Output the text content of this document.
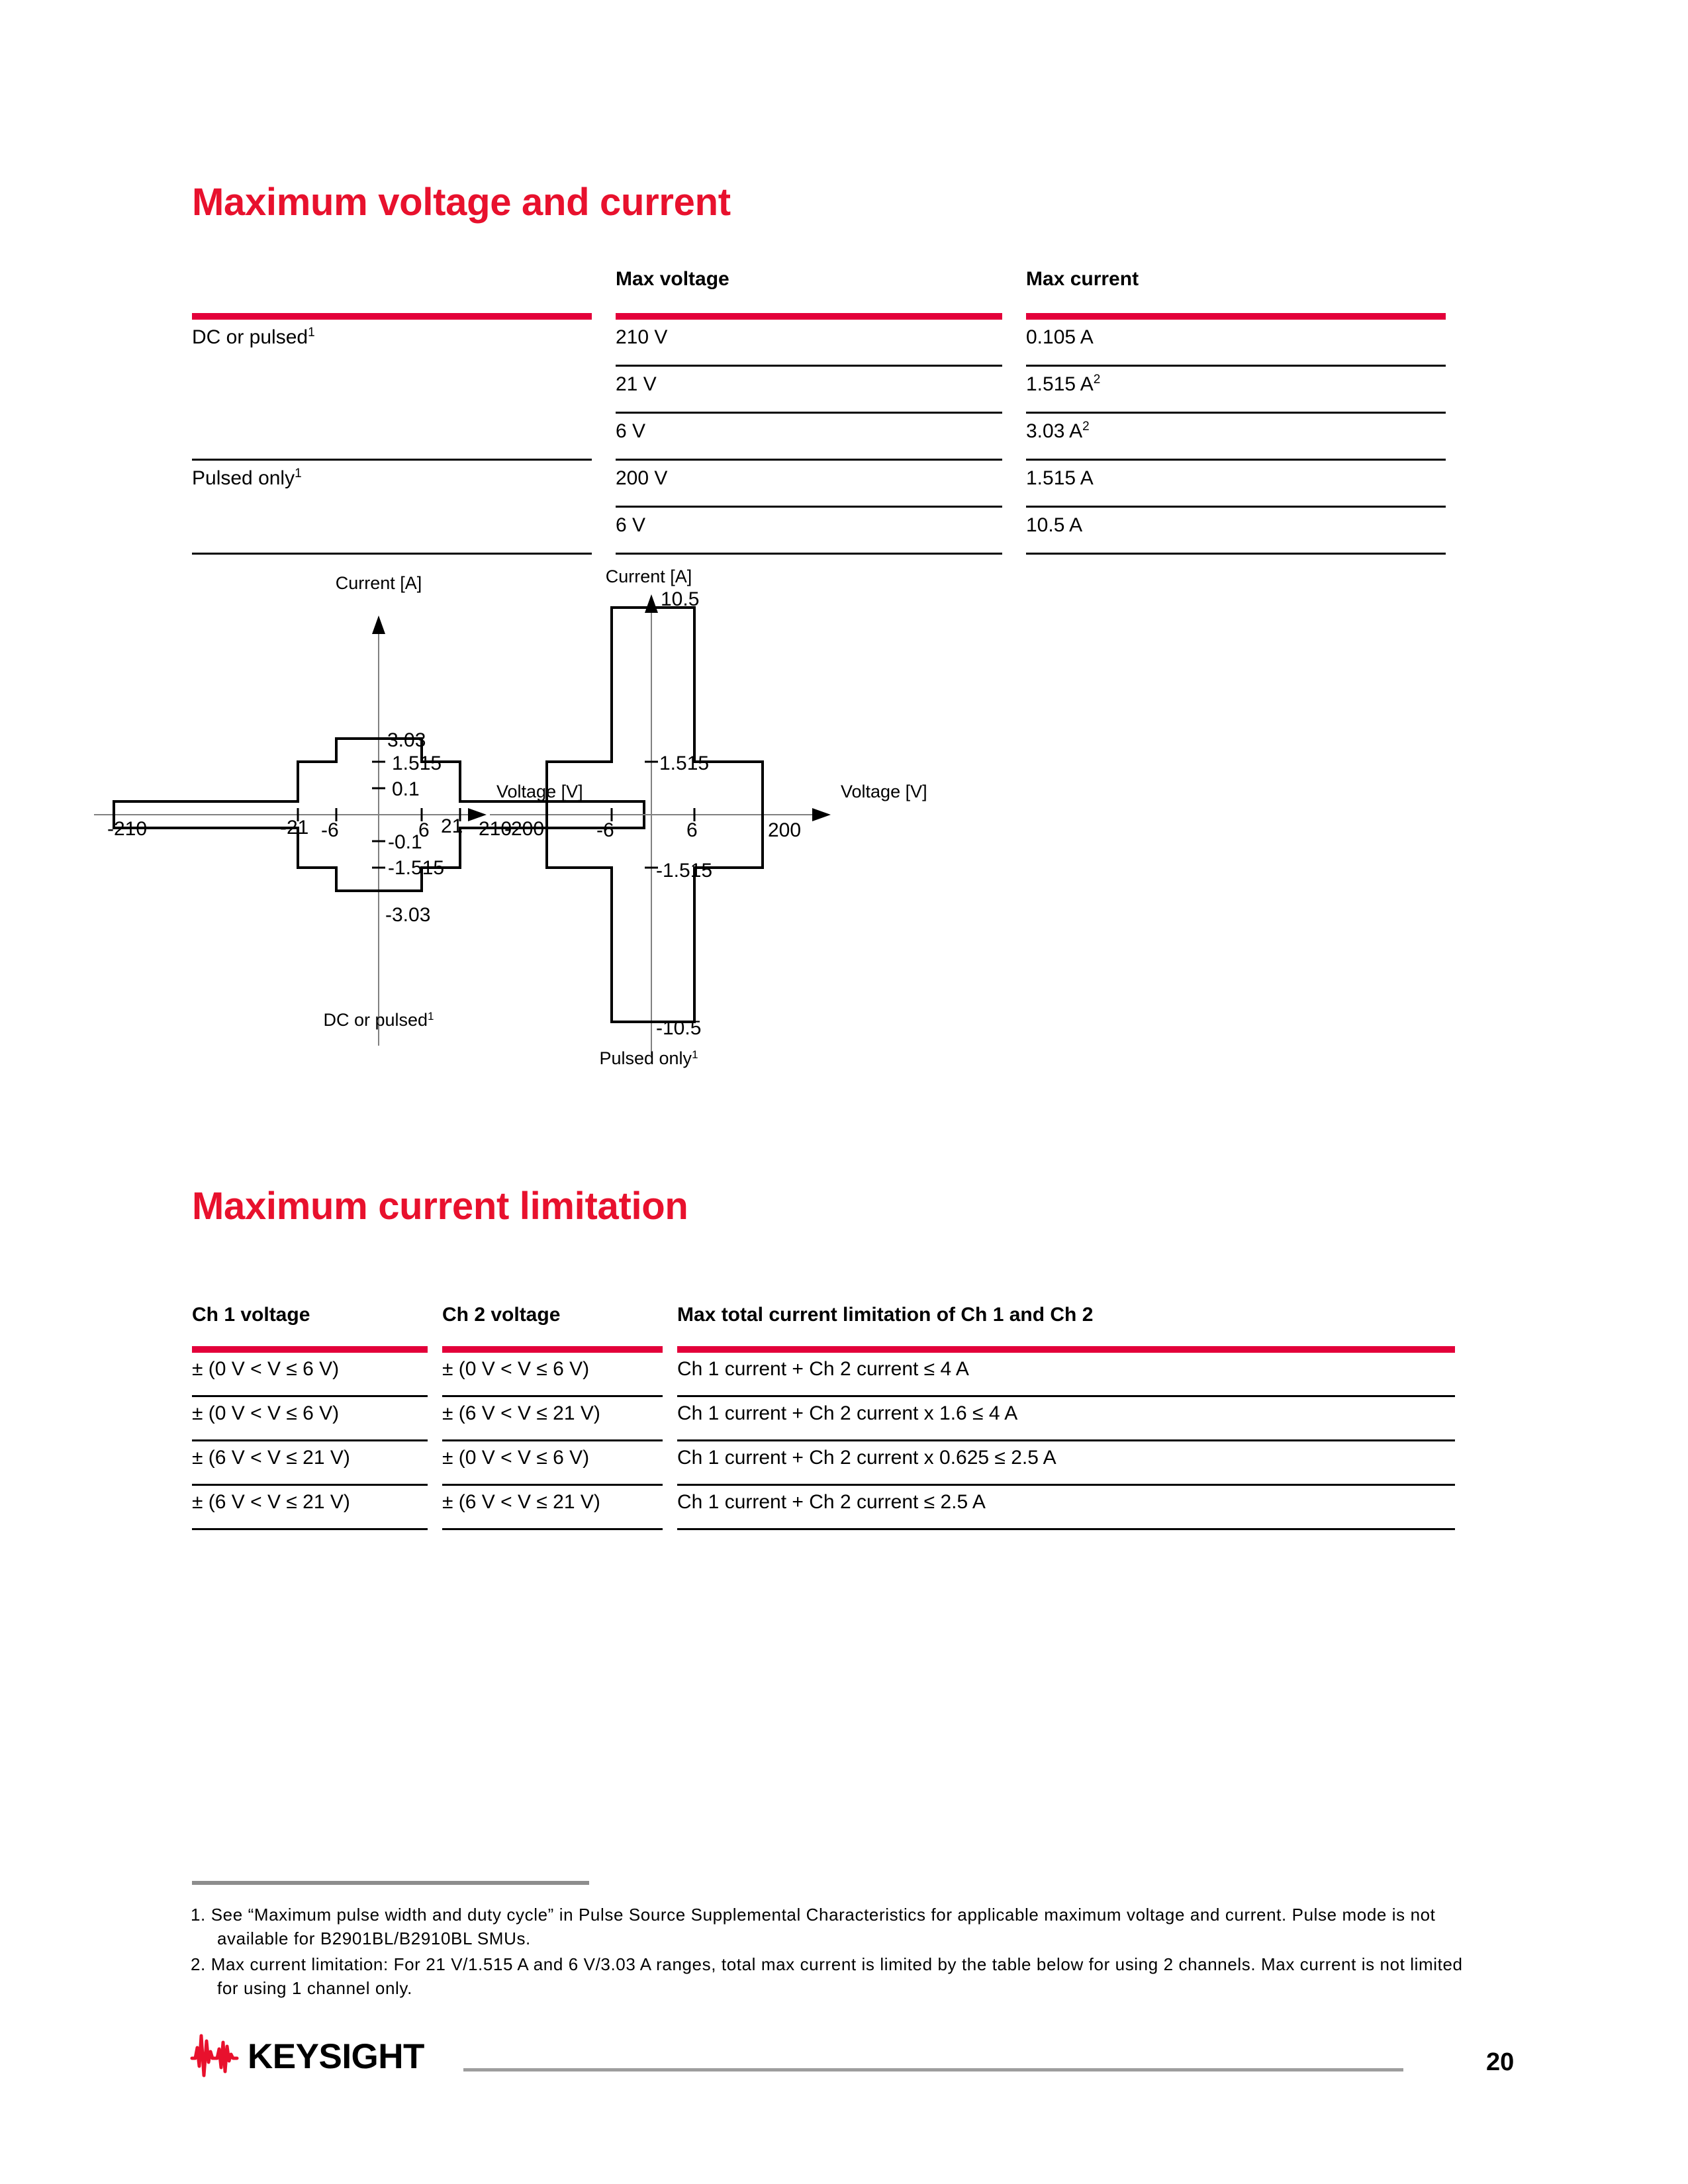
Maximum voltage and current
	Max voltage	Max current

DC or pulsed$^1$	210 V	0.105 A

	21 V	1.515 $A^2$

	6 V	3.03 $A^2$

Pulsed only$^1$	200 V	1.515 A

	6 V	10.5 A

Current [A]
Voltage [V]
3.03
1.515
0.1
-0.1
-1.515
-3.03
-210	-21 -6	6 21 210
DC or pulsed$^1$
Current [A]
Voltage [V]
10.5
1.515
-1.515
-10.5
-200	-6	6	200
Pulsed only$^1$
Maximum current limitation
Ch 1 voltage	Ch 2 voltage	Max total current limitation of Ch 1 and Ch 2

± (0 V < V ≤ 6 V)	± (0 V < V ≤ 6 V)	Ch 1 current + Ch 2 current ≤ 4 A

± (0 V < V ≤ 6 V)	± (6 V < V ≤ 21 V)	Ch 1 current + Ch 2 current x 1.6 ≤ 4 A

± (6 V < V ≤ 21 V)	± (0 V < V ≤ 6 V)	Ch 1 current + Ch 2 current x 0.625 ≤ 2.5 A

± (6 V < V ≤ 21 V)	± (6 V < V ≤ 21 V)	Ch 1 current + Ch 2 current ≤ 2.5 A

1. See “Maximum pulse width and duty cycle” in Pulse Source Supplemental Characteristics for applicable maximum voltage and current. Pulse mode is not available for B2901BL/B2910BL SMUs.
2. Max current limitation: For 21 V/1.515 A and 6 V/3.03 A ranges, total max current is limited by the table below for using 2 channels. Max current is not limited for using 1 channel only.
KEYSIGHT	20
